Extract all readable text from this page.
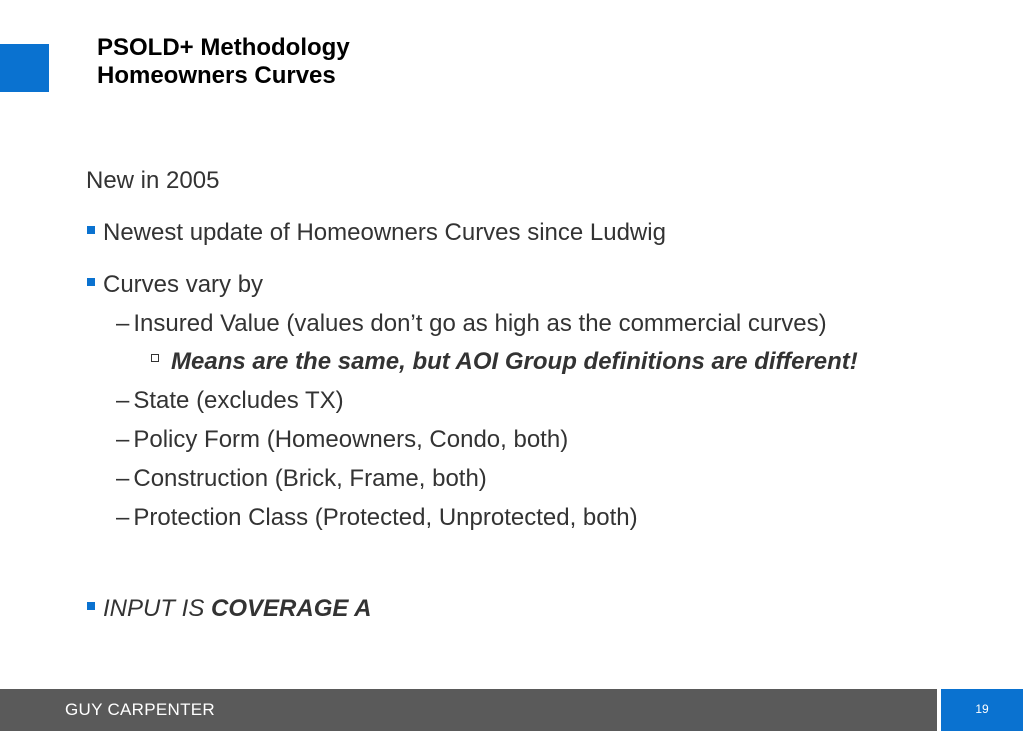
PSOLD+ Methodology
Homeowners Curves
New in 2005
Newest update of Homeowners Curves since Ludwig
Curves vary by
– Insured Value (values don’t go as high as the commercial curves)
Means are the same, but AOI Group definitions are different!
– State (excludes TX)
– Policy Form (Homeowners, Condo, both)
– Construction (Brick, Frame, both)
– Protection Class (Protected, Unprotected, both)
INPUT IS COVERAGE A
GUY CARPENTER	19
